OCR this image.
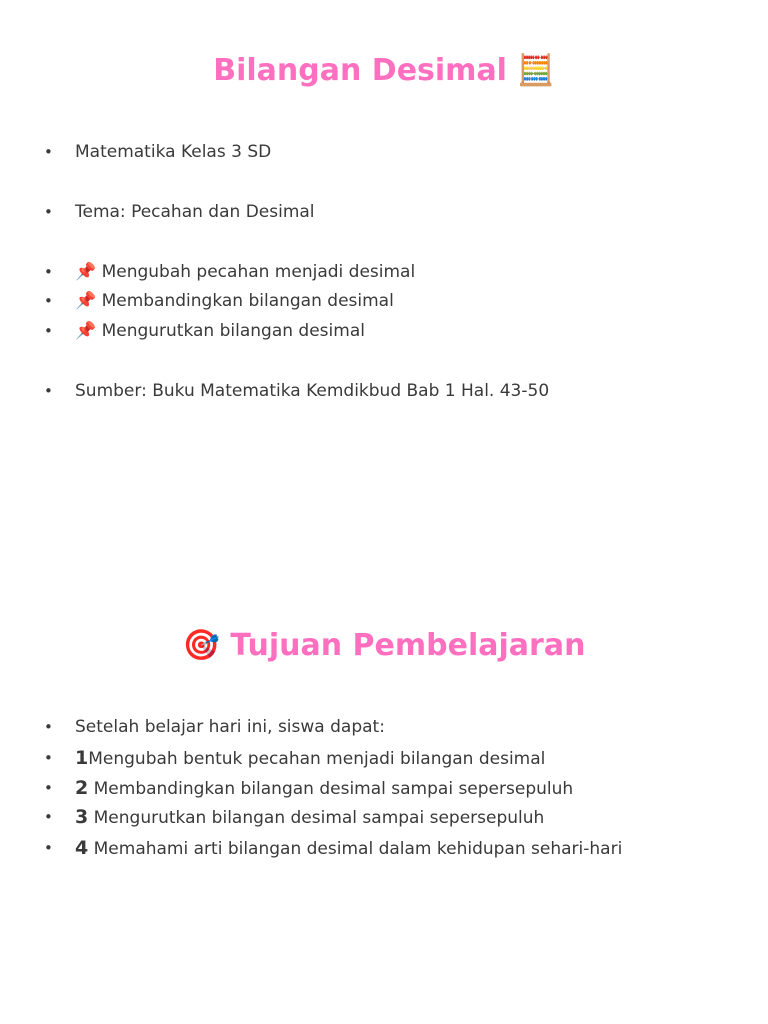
Bilangan Desimal 🧮
• Matematika Kelas 3 SD
• Tema: Pecahan dan Desimal
• 📌 Mengubah pecahan menjadi desimal
• 📌 Membandingkan bilangan desimal
• 📌 Mengurutkan bilangan desimal
• Sumber: Buku Matematika Kemdikbud Bab 1 Hal. 43-50
🎯 Tujuan Pembelajaran
• Setelah belajar hari ini, siswa dapat:
• 1Mengubah bentuk pecahan menjadi bilangan desimal
• 2 Membandingkan bilangan desimal sampai sepersepuluh
• 3 Mengurutkan bilangan desimal sampai sepersepuluh
• 4 Memahami arti bilangan desimal dalam kehidupan sehari-hari
